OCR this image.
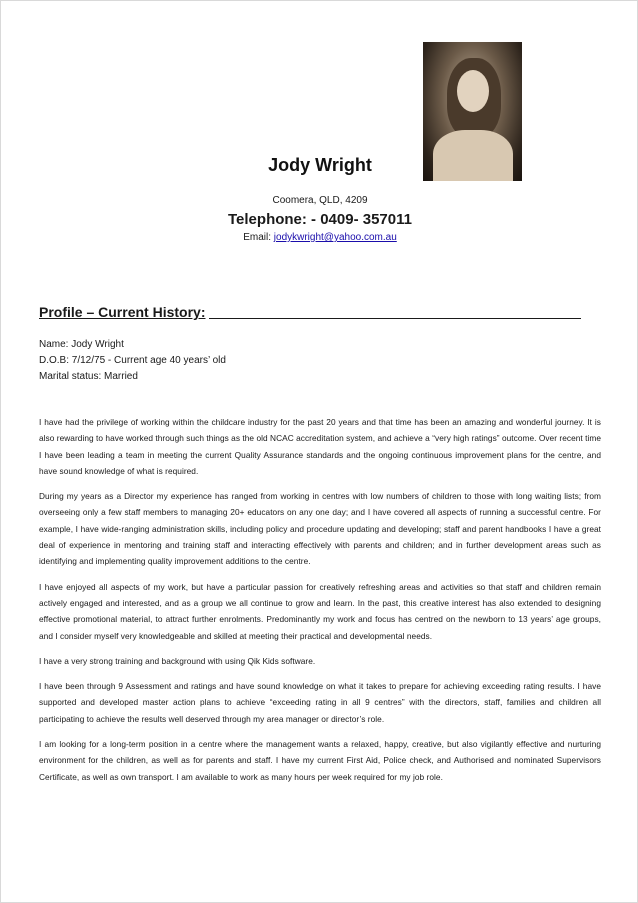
Jody Wright
Coomera, QLD, 4209
Telephone: - 0409- 357011
Email: jodykwright@yahoo.com.au
Profile – Current History:
Name: Jody Wright
D.O.B: 7/12/75 - Current age 40 years’ old
Marital status: Married

I have had the privilege of working within the childcare industry for the past 20 years and that time has been an amazing and wonderful journey. It is also rewarding to have worked through such things as the old NCAC accreditation system, and achieve a “very high ratings” outcome. Over recent time I have been leading a team in meeting the current Quality Assurance standards and the ongoing continuous improvement plans for the centre, and have sound knowledge of what is required.

During my years as a Director my experience has ranged from working in centres with low numbers of children to those with long waiting lists; from overseeing only a few staff members to managing 20+ educators on any one day; and I have covered all aspects of running a successful centre. For example, I have wide-ranging administration skills, including policy and procedure updating and developing; staff and parent handbooks I have a great deal of experience in mentoring and training staff and interacting effectively with parents and children; and in further development areas such as identifying and implementing quality improvement additions to the centre.

I have enjoyed all aspects of my work, but have a particular passion for creatively refreshing areas and activities so that staff and children remain actively engaged and interested, and as a group we all continue to grow and learn. In the past, this creative interest has also extended to designing effective promotional material, to attract further enrolments. Predominantly my work and focus has centred on the newborn to 13 years’ age groups, and I consider myself very knowledgeable and skilled at meeting their practical and developmental needs.

I have a very strong training and background with using Qik Kids software.

I have been through 9 Assessment and ratings and have sound knowledge on what it takes to prepare for achieving exceeding rating results. I have supported and developed master action plans to achieve “exceeding rating in all 9 centres” with the directors, staff, families and children all participating to achieve the results well deserved through my area manager or director’s role.

I am looking for a long-term position in a centre where the management wants a relaxed, happy, creative, but also vigilantly effective and nurturing environment for the children, as well as for parents and staff. I have my current First Aid, Police check, and Authorised and nominated Supervisors Certificate, as well as own transport. I am available to work as many hours per week required for my job role.
